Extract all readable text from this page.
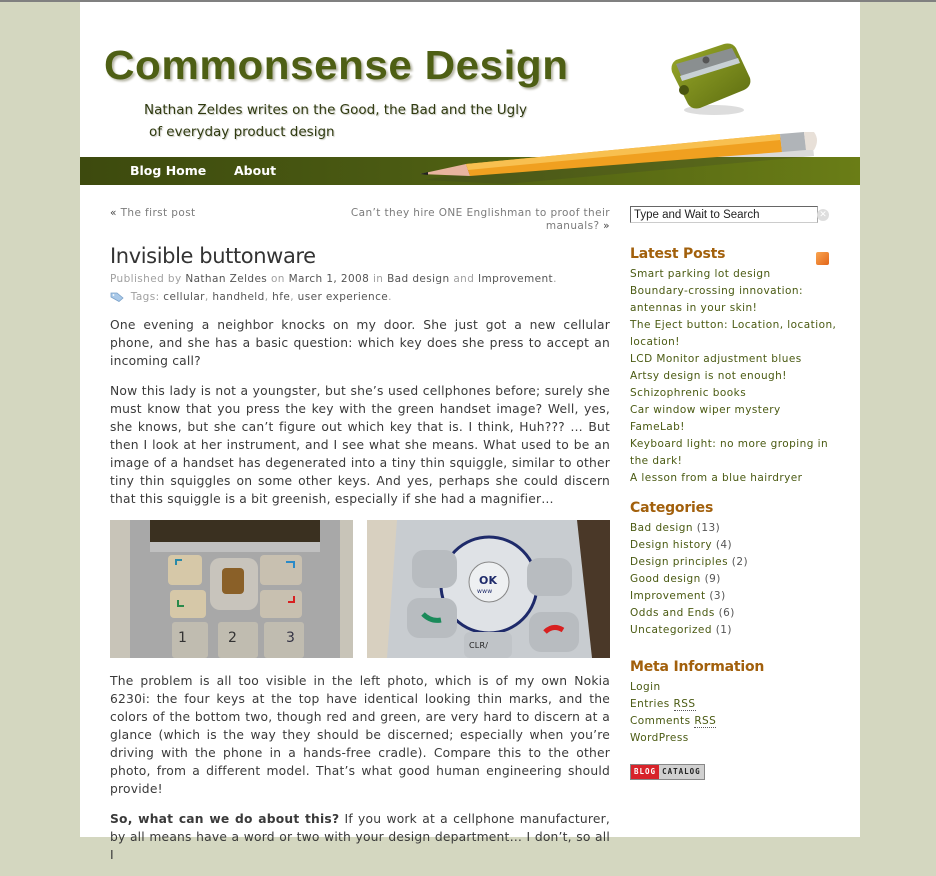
Commonsense Design
Nathan Zeldes writes on the Good, the Bad and the Ugly
of everyday product design
Blog Home About
« The first post	Can’t they hire ONE Englishman to proof their manuals? »
Invisible buttonware
Published by Nathan Zeldes on March 1, 2008 in Bad design and Improvement.
Tags: cellular, handheld, hfe, user experience.

One evening a neighbor knocks on my door. She just got a new cellular phone, and she has a basic question: which key does she press to accept an incoming call?

Now this lady is not a youngster, but she’s used cellphones before; surely she must know that you press the key with the green handset image? Well, yes, she knows, but she can’t figure out which key that is. I think, Huh??? … But then I look at her instrument, and I see what she means. What used to be an image of a handset has degenerated into a tiny thin squiggle, similar to other tiny thin squiggles on some other keys. And yes, perhaps she could discern that this squiggle is a bit greenish, especially if she had a magnifier…

1	2	3
OK
www
CLR/

The problem is all too visible in the left photo, which is of my own Nokia 6230i: the four keys at the top have identical looking thin marks, and the colors of the bottom two, though red and green, are very hard to discern at a glance (which is the way they should be discerned; especially when you’re driving with the phone in a hands-free cradle). Compare this to the other photo, from a different model. That’s what good human engineering should provide!

So, what can we do about this? If you work at a cellphone manufacturer, by all means have a word or two with your design department… I don’t, so all I

Type and Wait to Search
✕
Latest Posts
Smart parking lot design
Boundary-crossing innovation: antennas in your skin!
The Eject button: Location, location, location!
LCD Monitor adjustment blues
Artsy design is not enough!
Schizophrenic books
Car window wiper mystery
FameLab!
Keyboard light: no more groping in the dark!
A lesson from a blue hairdryer
Categories
Bad design (13)
Design history (4)
Design principles (2)
Good design (9)
Improvement (3)
Odds and Ends (6)
Uncategorized (1)
Meta Information
Login
Entries RSS
Comments RSS
WordPress
BLOG CATALOG
